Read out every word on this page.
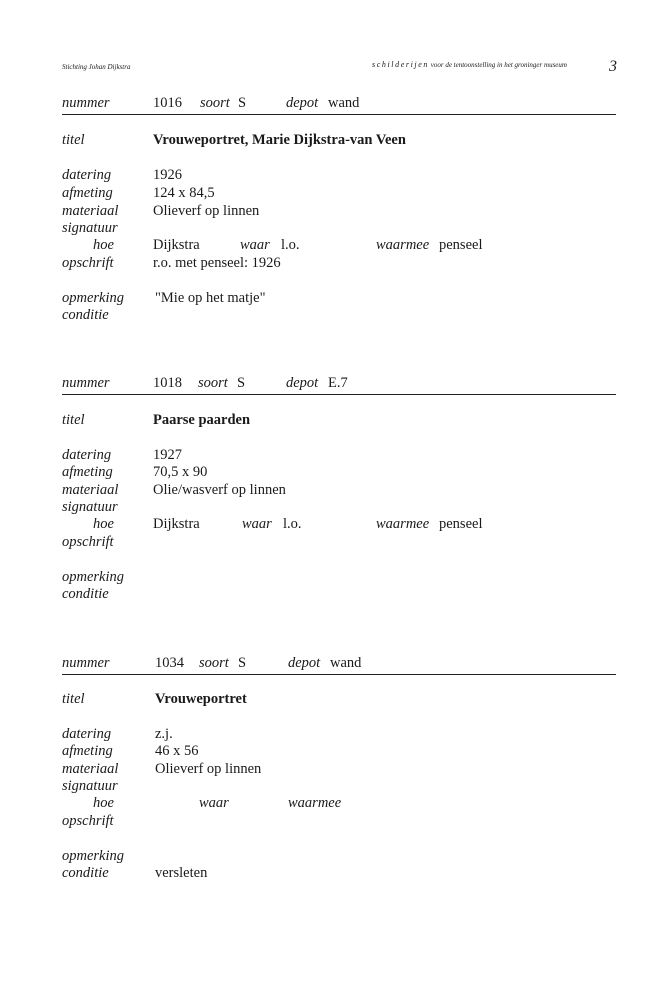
Stichting Johan Dijkstra	schilderijen voor de tentoonstelling in het groninger museum	3
nummer	1016 soort S	depot wand
titel	Vrouweportret, Marie Dijkstra-van Veen
datering	1926
afmeting	124 x 84,5
materiaal Olieverf op linnen
signatuur
hoe	Dijkstra	waar l.o.	waarmee penseel
opschrift	r.o. met penseel: 1926
opmerking "Mie op het matje"
conditie
nummer	1018 soort S	depot E.7
titel	Paarse paarden
datering	1927
afmeting	70,5 x 90
materiaal Olie/wasverf op linnen
signatuur
hoe	Dijkstra	waar l.o.	waarmee penseel
opschrift
opmerking
conditie
nummer	1034 soort S	depot wand
titel	Vrouweportret
datering	z.j.
afmeting	46 x 56
materiaal	Olieverf op linnen
signatuur
hoe	waar	waarmee
opschrift
opmerking
conditie	versleten
